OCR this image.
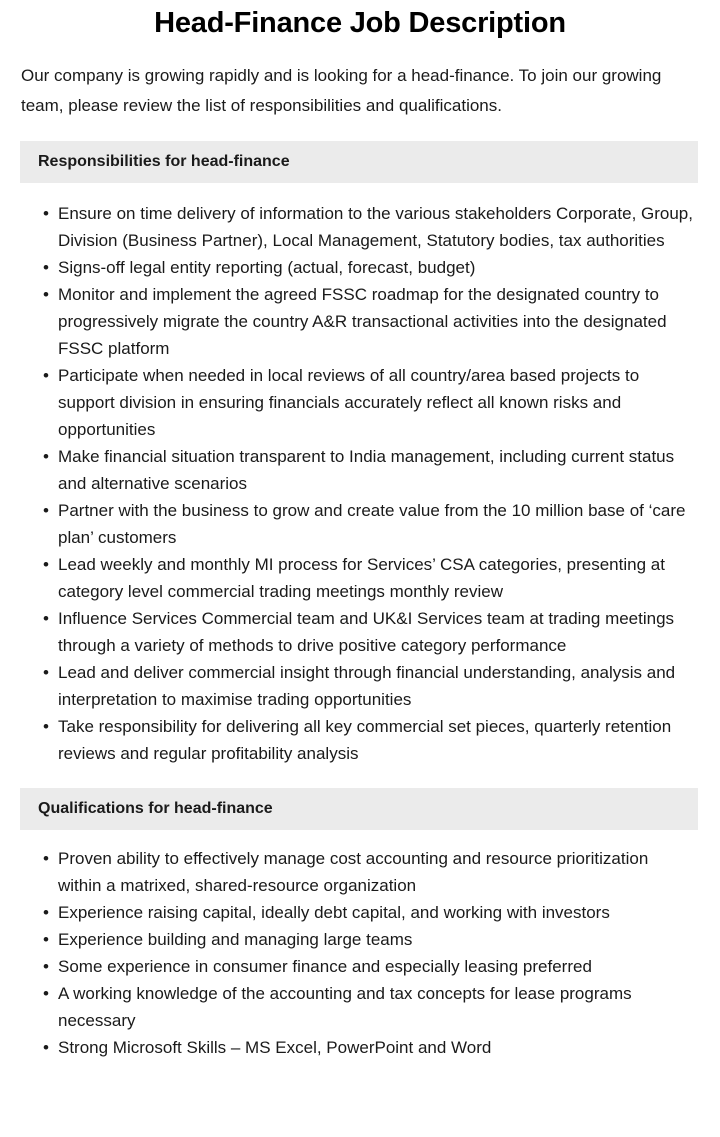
Head-Finance Job Description

Our company is growing rapidly and is looking for a head-finance. To join our growing team, please review the list of responsibilities and qualifications.

Responsibilities for head-finance
• Ensure on time delivery of information to the various stakeholders Corporate, Group, Division (Business Partner), Local Management, Statutory bodies, tax authorities
• Signs-off legal entity reporting (actual, forecast, budget)
• Monitor and implement the agreed FSSC roadmap for the designated country to progressively migrate the country A&R transactional activities into the designated FSSC platform
• Participate when needed in local reviews of all country/area based projects to support division in ensuring financials accurately reflect all known risks and opportunities
• Make financial situation transparent to India management, including current status and alternative scenarios
• Partner with the business to grow and create value from the 10 million base of ‘care plan’ customers
• Lead weekly and monthly MI process for Services’ CSA categories, presenting at category level commercial trading meetings monthly review
• Influence Services Commercial team and UK&I Services team at trading meetings through a variety of methods to drive positive category performance
• Lead and deliver commercial insight through financial understanding, analysis and interpretation to maximise trading opportunities
• Take responsibility for delivering all key commercial set pieces, quarterly retention reviews and regular profitability analysis
Qualifications for head-finance
• Proven ability to effectively manage cost accounting and resource prioritization within a matrixed, shared-resource organization
• Experience raising capital, ideally debt capital, and working with investors
• Experience building and managing large teams
• Some experience in consumer finance and especially leasing preferred
• A working knowledge of the accounting and tax concepts for lease programs necessary
• Strong Microsoft Skills – MS Excel, PowerPoint and Word
